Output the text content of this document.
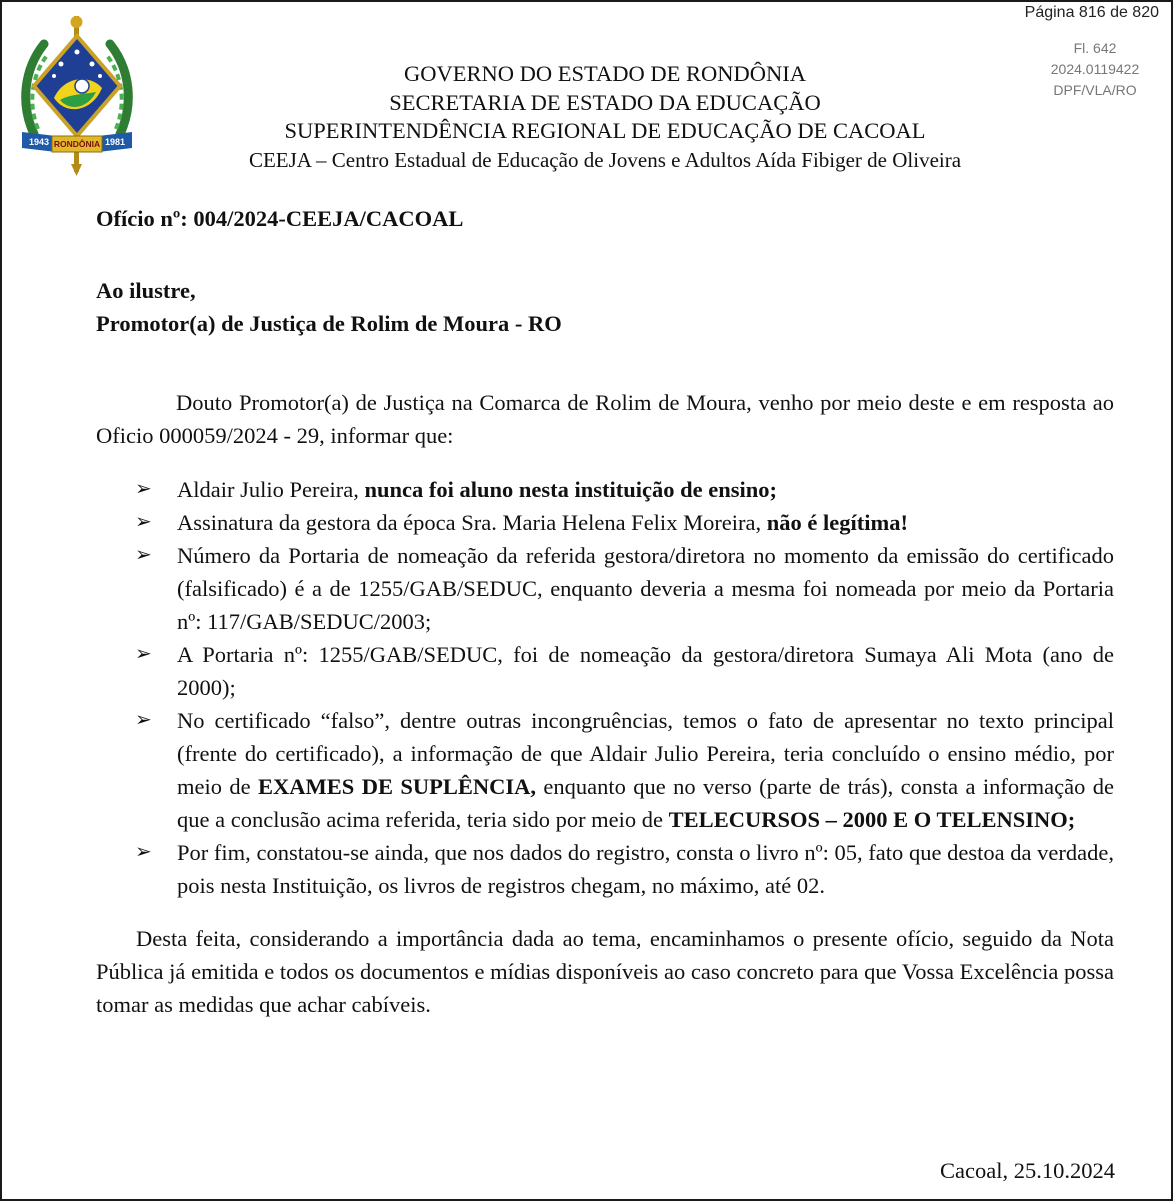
Página 816 de 820
Fl. 642
2024.0119422
DPF/VLA/RO
1943	1981
RONDÔNIA
GOVERNO DO ESTADO DE RONDÔNIA
SECRETARIA DE ESTADO DA EDUCAÇÃO
SUPERINTENDÊNCIA REGIONAL DE EDUCAÇÃO DE CACOAL
CEEJA – Centro Estadual de Educação de Jovens e Adultos Aída Fibiger de Oliveira
Ofício nº: 004/2024-CEEJA/CACOAL
Ao ilustre,
Promotor(a) de Justiça de Rolim de Moura - RO

Douto Promotor(a) de Justiça na Comarca de Rolim de Moura, venho por meio deste e em resposta ao Oficio 000059/2024 - 29, informar que:

➢ Aldair Julio Pereira, nunca foi aluno nesta instituição de ensino;
➢ Assinatura da gestora da época Sra. Maria Helena Felix Moreira, não é legítima!
➢ Número da Portaria de nomeação da referida gestora/diretora no momento da emissão do certificado (falsificado) é a de 1255/GAB/SEDUC, enquanto deveria a mesma foi nomeada por meio da Portaria nº: 117/GAB/SEDUC/2003;
➢ A Portaria nº: 1255/GAB/SEDUC, foi de nomeação da gestora/diretora Sumaya Ali Mota (ano de 2000);
➢ No certificado “falso”, dentre outras incongruências, temos o fato de apresentar no texto principal (frente do certificado), a informação de que Aldair Julio Pereira, teria concluído o ensino médio, por meio de EXAMES DE SUPLÊNCIA, enquanto que no verso (parte de trás), consta a informação de que a conclusão acima referida, teria sido por meio de TELECURSOS – 2000 E O TELENSINO;
➢ Por fim, constatou-se ainda, que nos dados do registro, consta o livro nº: 05, fato que destoa da verdade, pois nesta Instituição, os livros de registros chegam, no máximo, até 02.

Desta feita, considerando a importância dada ao tema, encaminhamos o presente ofício, seguido da Nota Pública já emitida e todos os documentos e mídias disponíveis ao caso concreto para que Vossa Excelência possa tomar as medidas que achar cabíveis.

Cacoal, 25.10.2024
